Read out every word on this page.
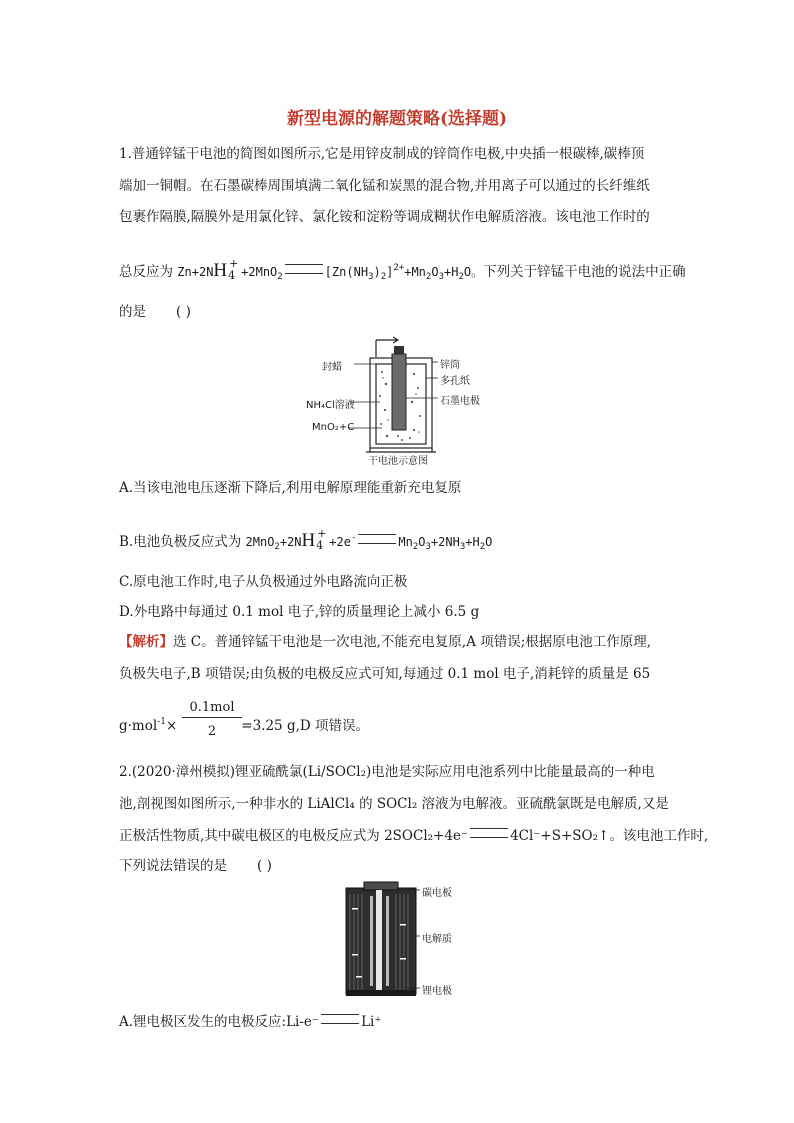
新型电源的解题策略(选择题)
1.普通锌锰干电池的简图如图所示,它是用锌皮制成的锌筒作电极,中央插一根碳棒,碳棒顶
端加一铜帽。在石墨碳棒周围填满二氧化锰和炭黑的混合物,并用离子可以通过的长纤维纸
包裹作隔膜,隔膜外是用氯化锌、氯化铵和淀粉等调成糊状作电解质溶液。该电池工作时的
总反应为 Zn+2NH +
4 +2MnO$_2$	$[Zn(NH_3)_2]^{2+}+Mn_2O_3+H_2O$。下列关于锌锰干电池的说法中正确
的是 ( )
封蜡	锌筒
多孔纸
NH₄Cl溶液	石墨电极
MnO₂+C
干电池示意图
A.当该电池电压逐渐下降后,利用电解原理能重新充电复原
B.电池负极反应式为 2MnO$_2$+2NH +
4 +2e-	$Mn_2O_3+2NH_3+H_2O$
C.原电池工作时,电子从负极通过外电路流向正极
D.外电路中每通过 0.1 mol 电子,锌的质量理论上减小 6.5 g
【解析】选 C。普通锌锰干电池是一次电池,不能充电复原,A 项错误;根据原电池工作原理,
负极失电子,B 项错误;由负极的电极反应式可知,每通过 0.1 mol 电子,消耗锌的质量是 65
g·mol$^{-1}$×	=3.25 g,D 项错误。
0.1mol
2
2.(2020·漳州模拟)锂亚硫酰氯(Li/SOCl₂)电池是实际应用电池系列中比能量最高的一种电
池,剖视图如图所示,一种非水的 LiAlCl₄ 的 SOCl₂ 溶液为电解液。亚硫酰氯既是电解质,又是
正极活性物质,其中碳电极区的电极反应式为 2SOCl₂+4e⁻	4Cl⁻+S+SO₂↑。该电池工作时,
下列说法错误的是 ( )
碳电板
电解质
锂电极
A.锂电极区发生的电极反应:Li-e⁻	Li⁺
